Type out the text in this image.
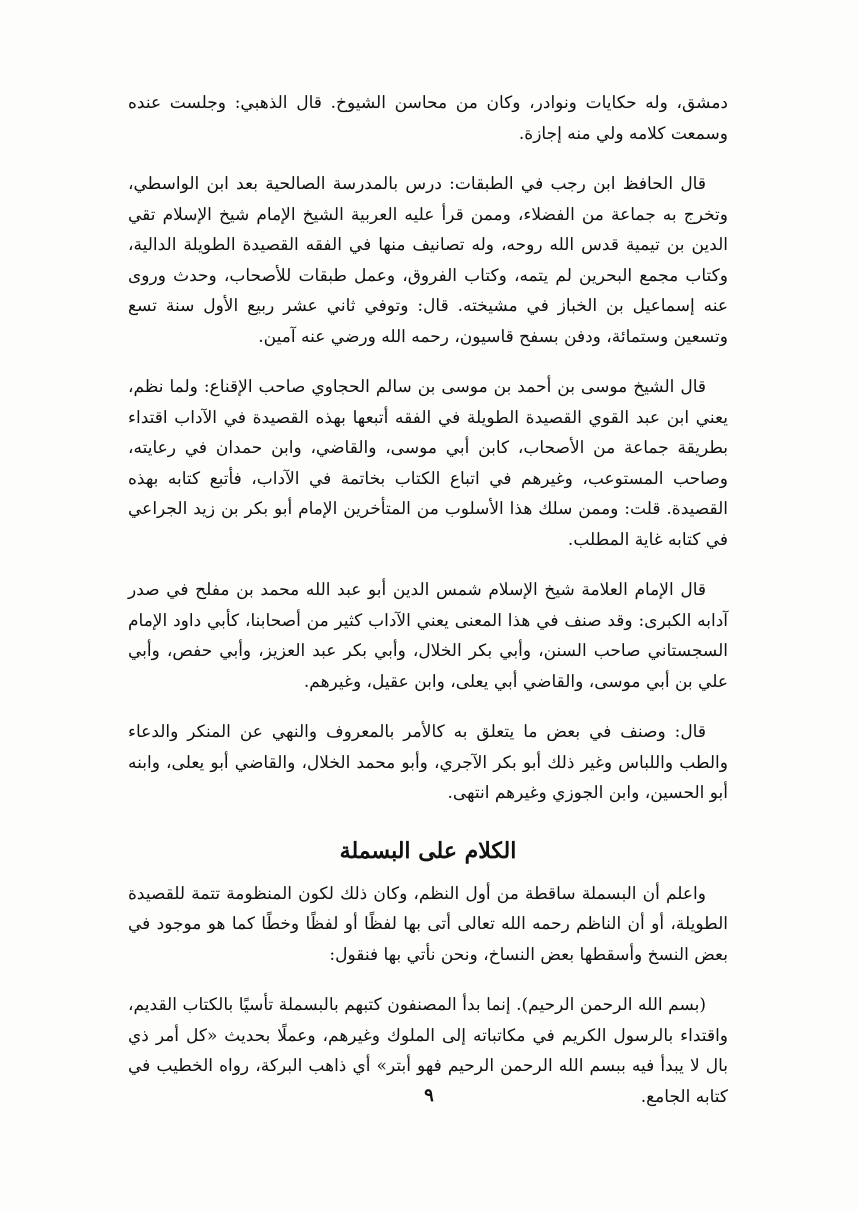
دمشق، وله حكايات ونوادر، وكان من محاسن الشيوخ. قال الذهبي: وجلست عنده وسمعت كلامه ولي منه إجازة.

قال الحافظ ابن رجب في الطبقات: درس بالمدرسة الصالحية بعد ابن الواسطي، وتخرج به جماعة من الفضلاء، وممن قرأ عليه العربية الشيخ الإمام شيخ الإسلام تقي الدين بن تيمية قدس الله روحه، وله تصانيف منها في الفقه القصيدة الطويلة الدالية، وكتاب مجمع البحرين لم يتمه، وكتاب الفروق، وعمل طبقات للأصحاب، وحدث وروى عنه إسماعيل بن الخباز في مشيخته. قال: وتوفي ثاني عشر ربيع الأول سنة تسع وتسعين وستمائة، ودفن بسفح قاسيون، رحمه الله ورضي عنه آمين.

قال الشيخ موسى بن أحمد بن موسى بن سالم الحجاوي صاحب الإقناع: ولما نظم، يعني ابن عبد القوي القصيدة الطويلة في الفقه أتبعها بهذه القصيدة في الآداب اقتداء بطريقة جماعة من الأصحاب، كابن أبي موسى، والقاضي، وابن حمدان في رعايته، وصاحب المستوعب، وغيرهم في اتباع الكتاب بخاتمة في الآداب، فأتبع كتابه بهذه القصيدة. قلت: وممن سلك هذا الأسلوب من المتأخرين الإمام أبو بكر بن زيد الجراعي في كتابه غاية المطلب.

قال الإمام العلامة شيخ الإسلام شمس الدين أبو عبد الله محمد بن مفلح في صدر آدابه الكبرى: وقد صنف في هذا المعنى يعني الآداب كثير من أصحابنا، كأبي داود الإمام السجستاني صاحب السنن، وأبي بكر الخلال، وأبي بكر عبد العزيز، وأبي حفص، وأبي علي بن أبي موسى، والقاضي أبي يعلى، وابن عقيل، وغيرهم.

قال: وصنف في بعض ما يتعلق به كالأمر بالمعروف والنهي عن المنكر والدعاء والطب واللباس وغير ذلك أبو بكر الآجري، وأبو محمد الخلال، والقاضي أبو يعلى، وابنه أبو الحسين، وابن الجوزي وغيرهم انتهى.

الكلام على البسملة

واعلم أن البسملة ساقطة من أول النظم، وكان ذلك لكون المنظومة تتمة للقصيدة الطويلة، أو أن الناظم رحمه الله تعالى أتى بها لفظًا أو لفظًا وخطًا كما هو موجود في بعض النسخ وأسقطها بعض النساخ، ونحن نأتي بها فنقول:

(بسم الله الرحمن الرحيم). إنما بدأ المصنفون كتبهم بالبسملة تأسيًا بالكتاب القديم، واقتداء بالرسول الكريم في مكاتباته إلى الملوك وغيرهم، وعملًا بحديث «كل أمر ذي بال لا يبدأ فيه ببسم الله الرحمن الرحيم فهو أبتر» أي ذاهب البركة، رواه الخطيب في كتابه الجامع.

٩
